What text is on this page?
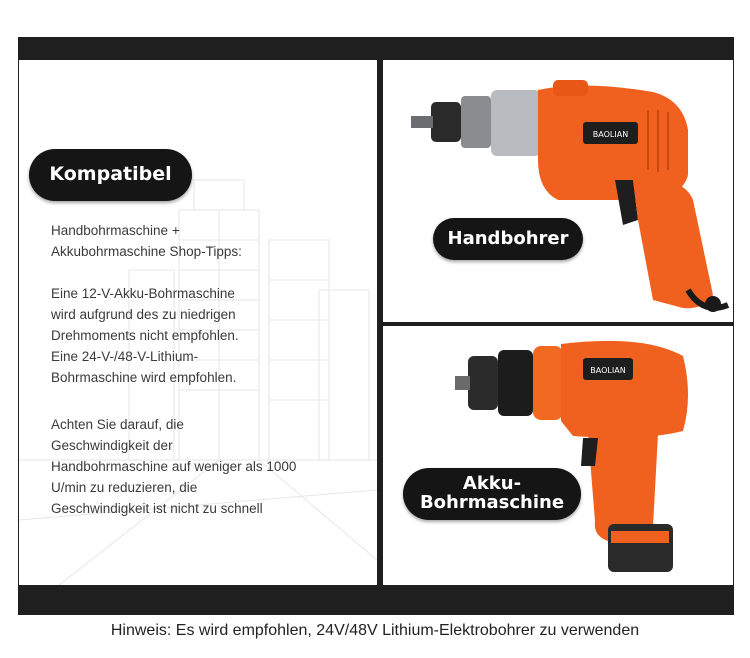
Kompatibel
Handbohrmaschine +
Akkubohrmaschine Shop-Tipps:
Eine 12-V-Akku-Bohrmaschine
wird aufgrund des zu niedrigen
Drehmoments nicht empfohlen.
Eine 24-V-/48-V-Lithium-
Bohrmaschine wird empfohlen.
Achten Sie darauf, die
Geschwindigkeit der
Handbohrmaschine auf weniger als 1000
U/min zu reduzieren, die
Geschwindigkeit ist nicht zu schnell
BAOLIAN
Handbohrer
BAOLIAN
Akku-
Bohrmaschine
Hinweis: Es wird empfohlen, 24V/48V Lithium-Elektrobohrer zu verwenden
